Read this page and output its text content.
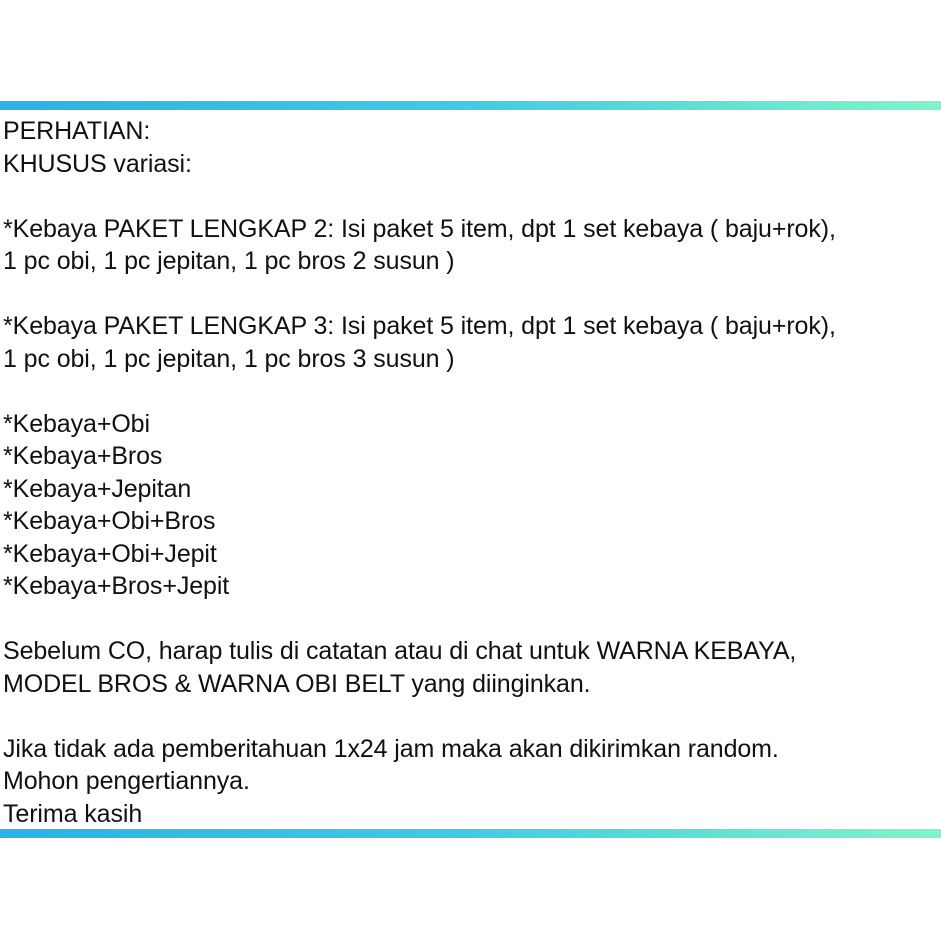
PERHATIAN:
KHUSUS variasi:
*Kebaya PAKET LENGKAP 2: Isi paket 5 item, dpt 1 set kebaya ( baju+rok),
1 pc obi, 1 pc jepitan, 1 pc bros 2 susun )
*Kebaya PAKET LENGKAP 3: Isi paket 5 item, dpt 1 set kebaya ( baju+rok),
1 pc obi, 1 pc jepitan, 1 pc bros 3 susun )
*Kebaya+Obi
*Kebaya+Bros
*Kebaya+Jepitan
*Kebaya+Obi+Bros
*Kebaya+Obi+Jepit
*Kebaya+Bros+Jepit
Sebelum CO, harap tulis di catatan atau di chat untuk WARNA KEBAYA,
MODEL BROS & WARNA OBI BELT yang diinginkan.
Jika tidak ada pemberitahuan 1x24 jam maka akan dikirimkan random.
Mohon pengertiannya.
Terima kasih
